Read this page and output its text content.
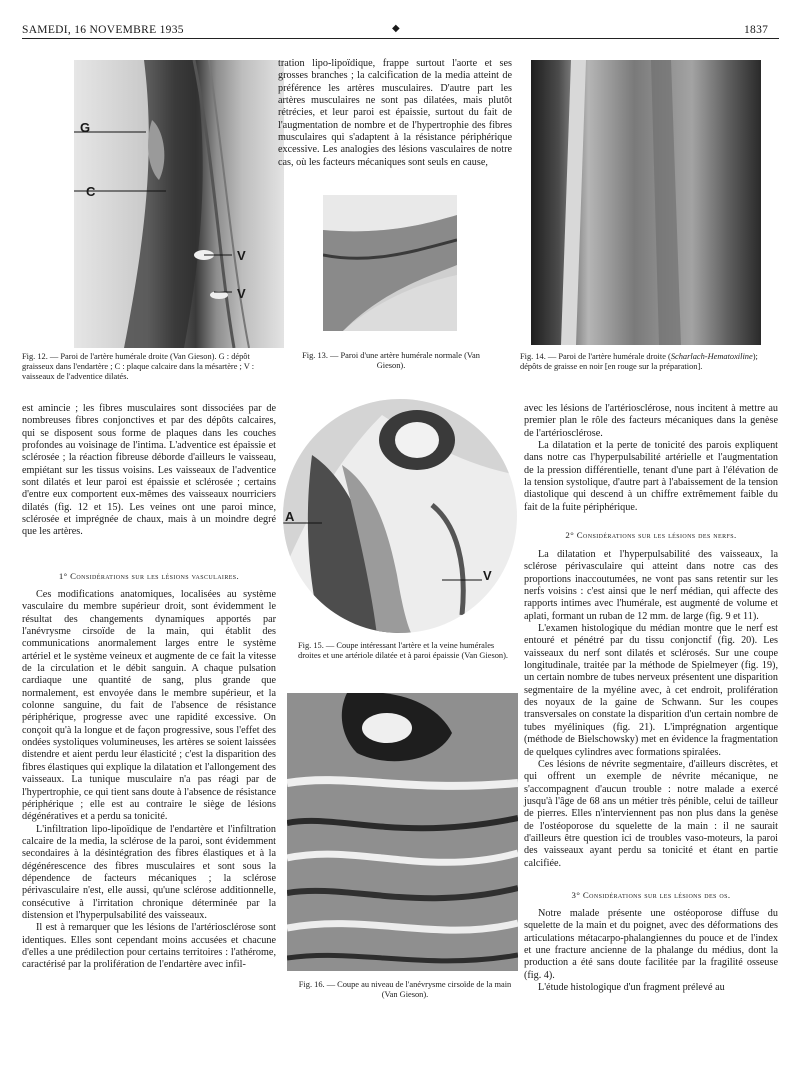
SAMEDI, 16 NOVEMBRE 1935	◆	1837
G
C
V
V
Fig. 12. — Paroi de l'artère humérale droite (Van Gieson). G : dépôt graisseux dans l'endartère ; C : plaque calcaire dans la mésartère ; V : vaisseaux de l'adventice dilatés.

tration lipo-lipoïdique, frappe surtout l'aorte et ses grosses branches ; la calcification de la media atteint de préférence les artères musculaires. D'autre part les artères musculaires ne sont pas dilatées, mais plutôt rétrécies, et leur paroi est épaissie, surtout du fait de l'augmentation de nombre et de l'hypertrophie des fibres musculaires qui s'adaptent à la résistance périphérique excessive. Les analogies des lésions vasculaires de notre cas, où les facteurs mécaniques sont seuls en cause,

Fig. 13. — Paroi d'une artère humérale normale (Van Gieson).
Fig. 14. — Paroi de l'artère humérale droite (Scharlach-Hematoxiline); dépôts de graisse en noir [en rouge sur la préparation].

est amincie ; les fibres musculaires sont dissociées par de nombreuses fibres conjonctives et par des dépôts calcaires, qui se disposent sous forme de plaques dans les couches profondes au voisinage de l'intima. L'adventice est épaissie et sclérosée ; la réaction fibreuse déborde d'ailleurs le vaisseau, empiétant sur les tissus voisins. Les vaisseaux de l'adventice sont dilatés et leur paroi est épaissie et sclérosée ; certains d'entre eux comportent eux-mêmes des vaisseaux nourriciers dilatés (fig. 12 et 15). Les veines ont une paroi mince, sclérosée et imprégnée de chaux, mais à un moindre degré que les artères.

1° Considérations sur les lésions vasculaires.

Ces modifications anatomiques, localisées au système vasculaire du membre supérieur droit, sont évidemment le résultat des changements dynamiques apportés par l'anévrysme cirsoïde de la main, qui établit des communications anormalement larges entre le système artériel et le système veineux et augmente de ce fait la vitesse de la circulation et le débit sanguin. A chaque pulsation cardiaque une quantité de sang, plus grande que normalement, est envoyée dans le membre supérieur, et la colonne sanguine, du fait de l'absence de résistance périphérique, progresse avec une rapidité excessive. On conçoit qu'à la longue et de façon progressive, sous l'effet des ondées systoliques volumineuses, les artères se soient laissées distendre et aient perdu leur élasticité ; c'est la disparition des fibres élastiques qui explique la dilatation et l'allongement des vaisseaux. La tunique musculaire n'a pas réagi par de l'hypertrophie, ce qui tient sans doute à l'absence de résistance périphérique ; elle est au contraire le siège de lésions dégénératives et a perdu sa tonicité.

L'infiltration lipo-lipoïdique de l'endartère et l'infiltration calcaire de la media, la sclérose de la paroi, sont évidemment secondaires à la désintégration des fibres élastiques et à la dégénérescence des fibres musculaires et sont sous la dépendence de facteurs mécaniques ; la sclérose périvasculaire n'est, elle aussi, qu'une sclérose additionnelle, consécutive à l'irritation chronique déterminée par la distension et l'hyperpulsabilité des vaisseaux.

Il est à remarquer que les lésions de l'artériosclérose sont identiques. Elles sont cependant moins accusées et chacune d'elles a une prédilection pour certains territoires : l'athérome, caractérisé par la prolifération de l'endartère avec infil-

A
V
Fig. 15. — Coupe intéressant l'artère et la veine humérales droites et une artériole dilatée et à paroi épaissie (Van Gieson).
Fig. 16. — Coupe au niveau de l'anévrysme cirsoïde de la main (Van Gieson).

avec les lésions de l'artériosclérose, nous incitent à mettre au premier plan le rôle des facteurs mécaniques dans la genèse de l'artériosclérose.

La dilatation et la perte de tonicité des parois expliquent dans notre cas l'hyperpulsabilité artérielle et l'augmentation de la pression différentielle, tenant d'une part à l'élévation de la tension systolique, d'autre part à l'abaissement de la tension diastolique qui descend à un chiffre extrêmement faible du fait de la fuite périphérique.

2° Considérations sur les lésions des nerfs.

La dilatation et l'hyperpulsabilité des vaisseaux, la sclérose périvasculaire qui atteint dans notre cas des proportions inaccoutumées, ne vont pas sans retentir sur les nerfs voisins : c'est ainsi que le nerf médian, qui affecte des rapports intimes avec l'humérale, est augmenté de volume et aplati, formant un ruban de 12 mm. de large (fig. 9 et 11).

L'examen histologique du médian montre que le nerf est entouré et pénétré par du tissu conjonctif (fig. 20). Les vaisseaux du nerf sont dilatés et sclérosés. Sur une coupe longitudinale, traitée par la méthode de Spielmeyer (fig. 19), un certain nombre de tubes nerveux présentent une disparition segmentaire de la myéline avec, à cet endroit, prolifération des noyaux de la gaine de Schwann. Sur les coupes transversales on constate la disparition d'un certain nombre de tubes myéliniques (fig. 21). L'imprégnation argentique (méthode de Bielschowsky) met en évidence la fragmentation de quelques cylindres avec formations spiralées.

Ces lésions de névrite segmentaire, d'ailleurs discrètes, et qui offrent un exemple de névrite mécanique, ne s'accompagnent d'aucun trouble : notre malade a exercé jusqu'à l'âge de 68 ans un métier très pénible, celui de tailleur de pierres. Elles n'interviennent pas non plus dans la genèse de l'ostéoporose du squelette de la main : il ne saurait d'ailleurs être question ici de troubles vaso-moteurs, la paroi des vaisseaux ayant perdu sa tonicité et étant en partie calcifiée.

3° Considérations sur les lésions des os.

Notre malade présente une ostéoporose diffuse du squelette de la main et du poignet, avec des déformations des articulations métacarpo-phalangiennes du pouce et de l'index et une fracture ancienne de la phalange du médius, dont la production a été sans doute facilitée par la fragilité osseuse (fig. 4).

L'étude histologique d'un fragment prélevé au
